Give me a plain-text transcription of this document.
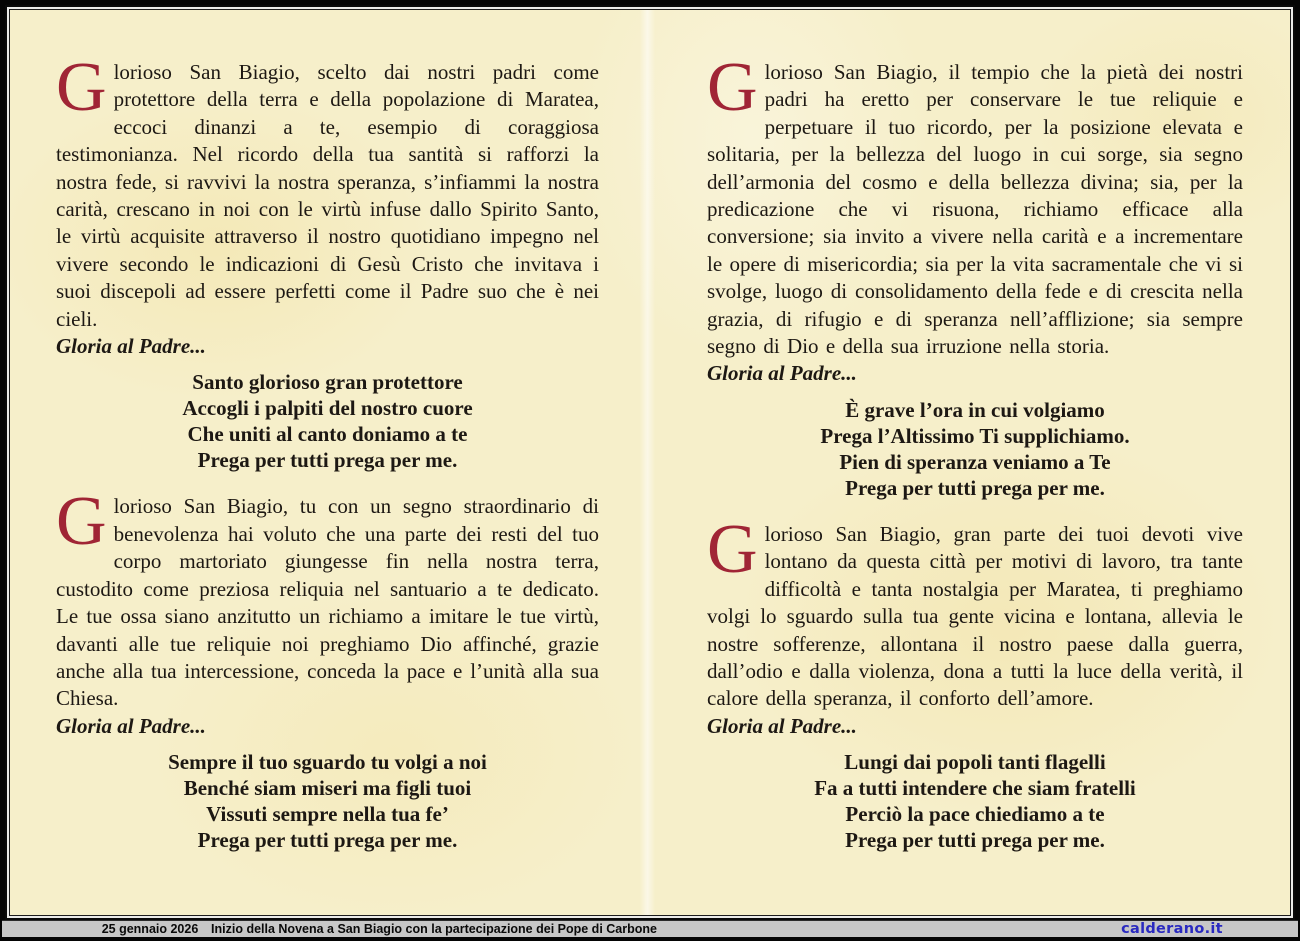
Glorioso San Biagio, scelto dai nostri padri come protettore della terra e della popolazione di Maratea, eccoci dinanzi a te, esempio di coraggiosa testimonianza. Nel ricordo della tua santità si rafforzi la nostra fede, si ravvivi la nostra speranza, s’infiammi la nostra carità, crescano in noi con le virtù infuse dallo Spirito Santo, le virtù acquisite attraverso il nostro quotidiano impegno nel vivere secondo le indicazioni di Gesù Cristo che invitava i suoi discepoli ad essere perfetti come il Padre suo che è nei cieli.

Gloria al Padre...

Santo glorioso gran protettore
Accogli i palpiti del nostro cuore
Che uniti al canto doniamo a te
Prega per tutti prega per me.

Glorioso San Biagio, tu con un segno straordinario di benevolenza hai voluto che una parte dei resti del tuo corpo martoriato giungesse fin nella nostra terra, custodito come preziosa reliquia nel santuario a te dedicato. Le tue ossa siano anzitutto un richiamo a imitare le tue virtù, davanti alle tue reliquie noi preghiamo Dio affinché, grazie anche alla tua intercessione, conceda la pace e l’unità alla sua Chiesa.

Gloria al Padre...

Sempre il tuo sguardo tu volgi a noi
Benché siam miseri ma figli tuoi
Vissuti sempre nella tua fe’
Prega per tutti prega per me.

Glorioso San Biagio, il tempio che la pietà dei nostri padri ha eretto per conservare le tue reliquie e perpetuare il tuo ricordo, per la posizione elevata e solitaria, per la bellezza del luogo in cui sorge, sia segno dell’armonia del cosmo e della bellezza divina; sia, per la predicazione che vi risuona, richiamo efficace alla conversione; sia invito a vivere nella carità e a incrementare le opere di misericordia; sia per la vita sacramentale che vi si svolge, luogo di consolidamento della fede e di crescita nella grazia, di rifugio e di speranza nell’afflizione; sia sempre segno di Dio e della sua irruzione nella storia.

Gloria al Padre...

È grave l’ora in cui volgiamo
Prega l’Altissimo Ti supplichiamo.
Pien di speranza veniamo a Te
Prega per tutti prega per me.

Glorioso San Biagio, gran parte dei tuoi devoti vive lontano da questa città per motivi di lavoro, tra tante difficoltà e tanta nostalgia per Maratea, ti preghiamo volgi lo sguardo sulla tua gente vicina e lontana, allevia le nostre sofferenze, allontana il nostro paese dalla guerra, dall’odio e dalla violenza, dona a tutti la luce della verità, il calore della speranza, il conforto dell’amore.

Gloria al Padre...

Lungi dai popoli tanti flagelli
Fa a tutti intendere che siam fratelli
Perciò la pace chiediamo a te
Prega per tutti prega per me.
25 gennaio 2026 Inizio della Novena a San Biagio con la partecipazione dei Pope di Carbone	calderano.it
